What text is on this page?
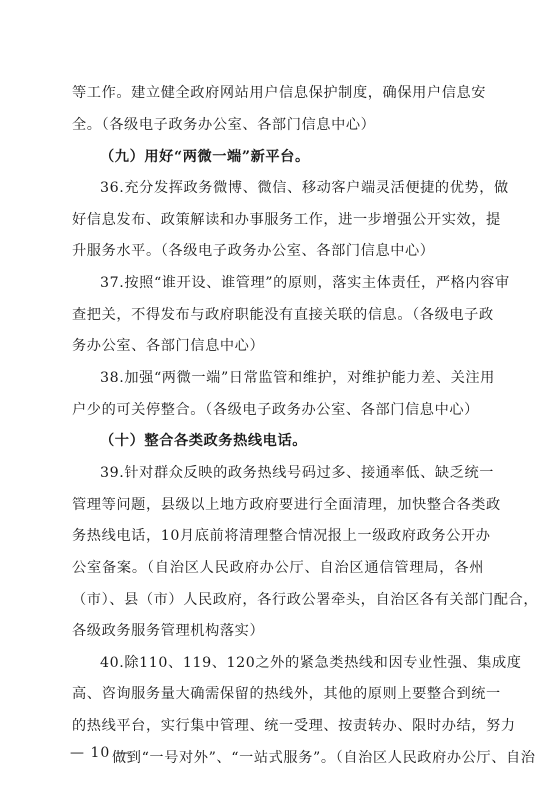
等工作。建立健全政府网站用户信息保护制度，确保用户信息安
全。（各级电子政务办公室、各部门信息中心）
（九）用好“两微一端”新平台。
36.充分发挥政务微博、微信、移动客户端灵活便捷的优势，做
好信息发布、政策解读和办事服务工作，进一步增强公开实效，提
升服务水平。（各级电子政务办公室、各部门信息中心）
37.按照“谁开设、谁管理”的原则，落实主体责任，严格内容审
查把关，不得发布与政府职能没有直接关联的信息。（各级电子政
务办公室、各部门信息中心）
38.加强“两微一端”日常监管和维护，对维护能力差、关注用
户少的可关停整合。（各级电子政务办公室、各部门信息中心）
（十）整合各类政务热线电话。
39.针对群众反映的政务热线号码过多、接通率低、缺乏统一
管理等问题，县级以上地方政府要进行全面清理，加快整合各类政
务热线电话，10月底前将清理整合情况报上一级政府政务公开办
公室备案。（自治区人民政府办公厅、自治区通信管理局，各州
（市）、县（市）人民政府，各行政公署牵头，自治区各有关部门配合，
各级政务服务管理机构落实）
40.除110、119、120之外的紧急类热线和因专业性强、集成度
高、咨询服务量大确需保留的热线外，其他的原则上要整合到统一
的热线平台，实行集中管理、统一受理、按责转办、限时办结，努力
做到“一号对外”、“一站式服务”。（自治区人民政府办公厅、自治
— 10 —
